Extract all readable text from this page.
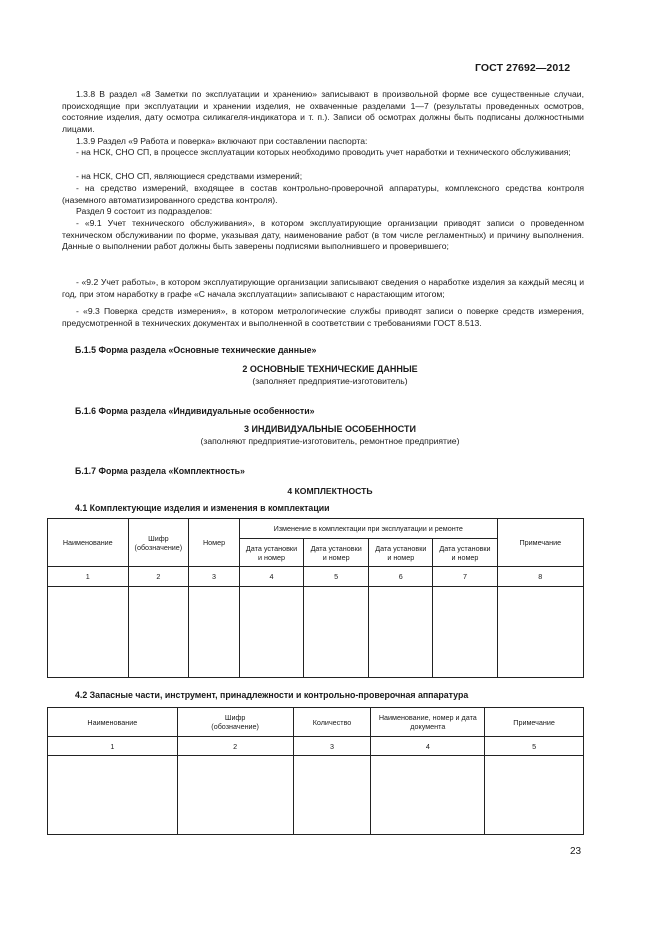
ГОСТ 27692—2012

1.3.8 В раздел «8 Заметки по эксплуатации и хранению» записывают в произвольной форме все существенные случаи, происходящие при эксплуатации и хранении изделия, не охваченные разделами 1—7 (результаты проведенных осмотров, состояние изделия, дату осмотра силикагеля-индикатора и т. п.). Записи об осмотрах должны быть подписаны должностными лицами.

1.3.9 Раздел «9 Работа и поверка» включают при составлении паспорта:

- на НСК, СНО СП, в процессе эксплуатации которых необходимо проводить учет наработки и технического обслуживания;

- на НСК, СНО СП, являющиеся средствами измерений;

- на средство измерений, входящее в состав контрольно-проверочной аппаратуры, комплексного средства контроля (наземного автоматизированного средства контроля).

Раздел 9 состоит из подразделов:

- «9.1 Учет технического обслуживания», в котором эксплуатирующие организации приводят записи о проведенном техническом обслуживании по форме, указывая дату, наименование работ (в том числе регламентных) и причину выполнения. Данные о выполнении работ должны быть заверены подписями выполнившего и проверившего;

- «9.2 Учет работы», в котором эксплуатирующие организации записывают сведения о наработке изделия за каждый месяц и год, при этом наработку в графе «С начала эксплуатации» записывают с нарастающим итогом;

- «9.3 Поверка средств измерения», в котором метрологические службы приводят записи о поверке средств измерения, предусмотренной в технических документах и выполненной в соответствии с требованиями ГОСТ 8.513.

Б.1.5 Форма раздела «Основные технические данные»
2 ОСНОВНЫЕ ТЕХНИЧЕСКИЕ ДАННЫЕ
(заполняет предприятие-изготовитель)
Б.1.6 Форма раздела «Индивидуальные особенности»
3 ИНДИВИДУАЛЬНЫЕ ОСОБЕННОСТИ
(заполняют предприятие-изготовитель, ремонтное предприятие)
Б.1.7 Форма раздела «Комплектность»
4 КОМПЛЕКТНОСТЬ
4.1 Комплектующие изделия и изменения в комплектации
Наименование	Шифр (обозначение)	Номер	Изменение в комплектации при эксплуатации и ремонте				Примечание
			Дата установки и номер	Дата установки и номер	Дата установки и номер	Дата установки и номер	
1	2	3	4	5	6	7	8

4.2 Запасные части, инструмент, принадлежности и контрольно-проверочная аппаратура
Наименование	Шифр (обозначение)	Количество	Наименование, номер и дата документа	Примечание
1	2	3	4	5

23
